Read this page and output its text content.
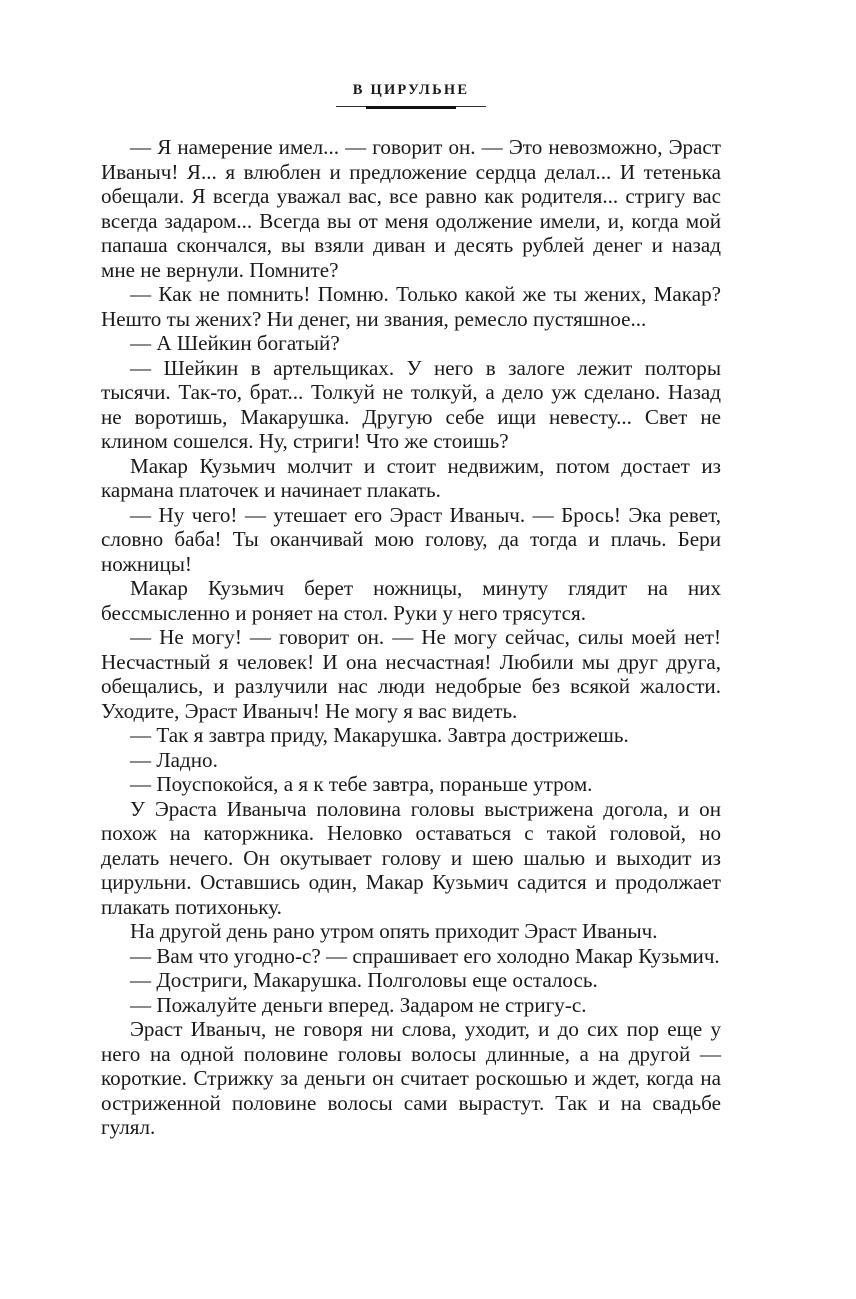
В ЦИРУЛЬНЕ

— Я намерение имел... — говорит он. — Это невозможно, Эраст Иваныч! Я... я влюблен и предложение сердца делал... И тетенька обещали. Я всегда уважал вас, все равно как родителя... стригу вас всегда задаром... Всегда вы от меня одолжение имели, и, когда мой папаша скончался, вы взяли диван и десять рублей денег и назад мне не вернули. Помните?

— Как не помнить! Помню. Только какой же ты жених, Макар? Нешто ты жених? Ни денег, ни звания, ремесло пустяшное...

— А Шейкин богатый?

— Шейкин в артельщиках. У него в залоге лежит полторы тысячи. Так-то, брат... Толкуй не толкуй, а дело уж сделано. Назад не воротишь, Макарушка. Другую себе ищи невесту... Свет не клином сошелся. Ну, стриги! Что же стоишь?

Макар Кузьмич молчит и стоит недвижим, потом достает из кармана платочек и начинает плакать.

— Ну чего! — утешает его Эраст Иваныч. — Брось! Эка ревет, словно баба! Ты оканчивай мою голову, да тогда и плачь. Бери ножницы!

Макар Кузьмич берет ножницы, минуту глядит на них бессмысленно и роняет на стол. Руки у него трясутся.

— Не могу! — говорит он. — Не могу сейчас, силы моей нет! Несчастный я человек! И она несчастная! Любили мы друг друга, обещались, и разлучили нас люди недобрые без всякой жалости. Уходите, Эраст Иваныч! Не могу я вас видеть.

— Так я завтра приду, Макарушка. Завтра дострижешь.

— Ладно.

— Поуспокойся, а я к тебе завтра, пораньше утром.

У Эраста Иваныча половина головы выстрижена догола, и он похож на каторжника. Неловко оставаться с такой головой, но делать нечего. Он окутывает голову и шею шалью и выходит из цирульни. Оставшись один, Макар Кузьмич садится и продолжает плакать потихоньку.

На другой день рано утром опять приходит Эраст Иваныч.

— Вам что угодно-с? — спрашивает его холодно Макар Кузьмич.

— Достриги, Макарушка. Полголовы еще осталось.

— Пожалуйте деньги вперед. Задаром не стригу-с.

Эраст Иваныч, не говоря ни слова, уходит, и до сих пор еще у него на одной половине головы волосы длинные, а на другой — короткие. Стрижку за деньги он считает роскошью и ждет, когда на остриженной половине волосы сами вырастут. Так и на свадьбе гулял.
